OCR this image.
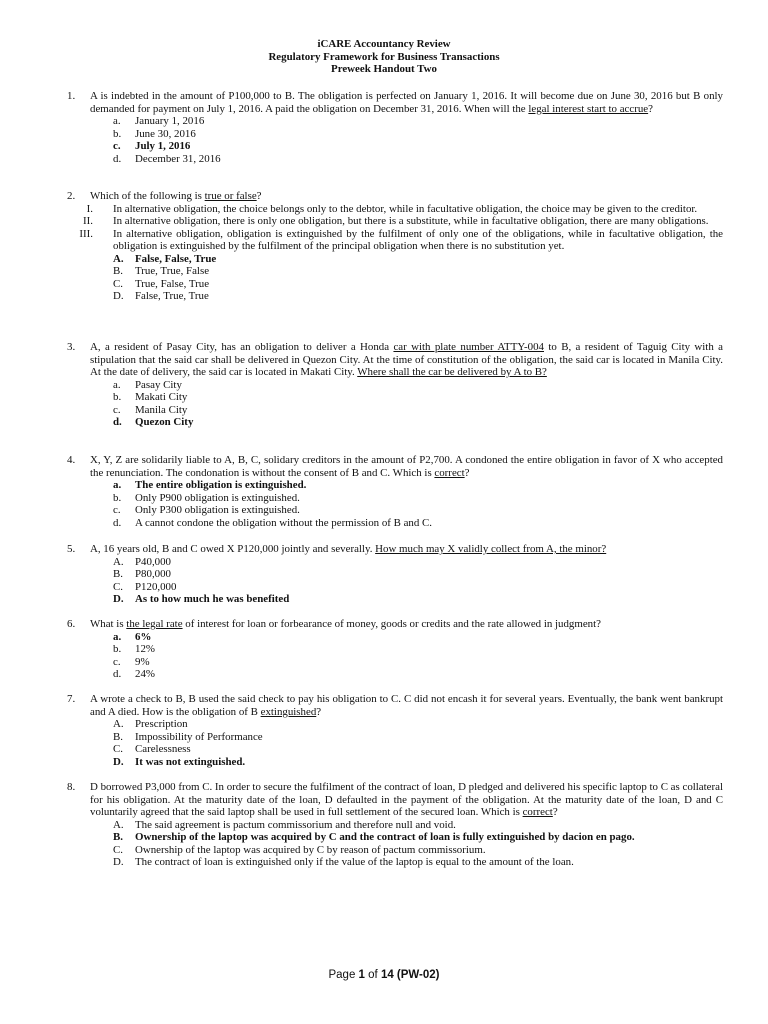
iCARE Accountancy Review
Regulatory Framework for Business Transactions
Preweek Handout Two
1. A is indebted in the amount of P100,000 to B. The obligation is perfected on January 1, 2016. It will become due on June 30, 2016 but B only demanded for payment on July 1, 2016. A paid the obligation on December 31, 2016. When will the legal interest start to accrue?
a. January 1, 2016
b. June 30, 2016
c. July 1, 2016
d. December 31, 2016
2. Which of the following is true or false?
I. In alternative obligation, the choice belongs only to the debtor, while in facultative obligation, the choice may be given to the creditor.
II. In alternative obligation, there is only one obligation, but there is a substitute, while in facultative obligation, there are many obligations.
III. In alternative obligation, obligation is extinguished by the fulfilment of only one of the obligations, while in facultative obligation, the obligation is extinguished by the fulfilment of the principal obligation when there is no substitution yet.
A. False, False, True
B. True, True, False
C. True, False, True
D. False, True, True
3. A, a resident of Pasay City, has an obligation to deliver a Honda car with plate number ATTY-004 to B, a resident of Taguig City with a stipulation that the said car shall be delivered in Quezon City. At the time of constitution of the obligation, the said car is located in Manila City. At the date of delivery, the said car is located in Makati City. Where shall the car be delivered by A to B?
a. Pasay City
b. Makati City
c. Manila City
d. Quezon City
4. X, Y, Z are solidarily liable to A, B, C, solidary creditors in the amount of P2,700. A condoned the entire obligation in favor of X who accepted the renunciation. The condonation is without the consent of B and C. Which is correct?
a. The entire obligation is extinguished.
b. Only P900 obligation is extinguished.
c. Only P300 obligation is extinguished.
d. A cannot condone the obligation without the permission of B and C.
5. A, 16 years old, B and C owed X P120,000 jointly and severally. How much may X validly collect from A, the minor?
A. P40,000
B. P80,000
C. P120,000
D. As to how much he was benefited
6. What is the legal rate of interest for loan or forbearance of money, goods or credits and the rate allowed in judgment?
a. 6%
b. 12%
c. 9%
d. 24%
7. A wrote a check to B, B used the said check to pay his obligation to C. C did not encash it for several years. Eventually, the bank went bankrupt and A died. How is the obligation of B extinguished?
A. Prescription
B. Impossibility of Performance
C. Carelessness
D. It was not extinguished.
8. D borrowed P3,000 from C. In order to secure the fulfilment of the contract of loan, D pledged and delivered his specific laptop to C as collateral for his obligation. At the maturity date of the loan, D defaulted in the payment of the obligation. At the maturity date of the loan, D and C voluntarily agreed that the said laptop shall be used in full settlement of the secured loan. Which is correct?
A. The said agreement is pactum commissorium and therefore null and void.
B. Ownership of the laptop was acquired by C and the contract of loan is fully extinguished by dacion en pago.
C. Ownership of the laptop was acquired by C by reason of pactum commissorium.
D. The contract of loan is extinguished only if the value of the laptop is equal to the amount of the loan.
Page 1 of 14 (PW-02)
